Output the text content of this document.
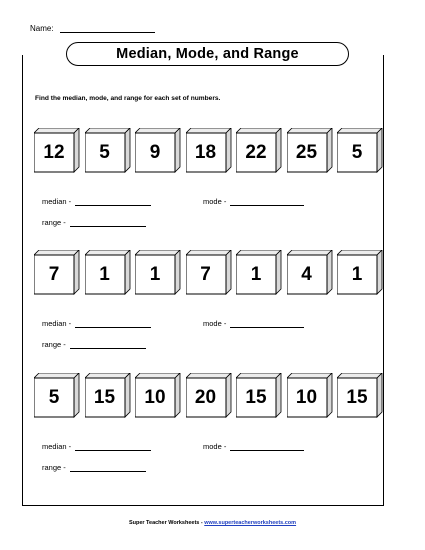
Name:
Median, Mode, and Range
Find the median, mode, and range for each set of numbers.
12	5	9	18	22	25	5
median -	mode -
range -
7	1	1	7	1	4	1
median -	mode -
range -
5	15	10	20	15	10	15
median -	mode -
range -
Super Teacher Worksheets - www.superteacherworksheets.com
